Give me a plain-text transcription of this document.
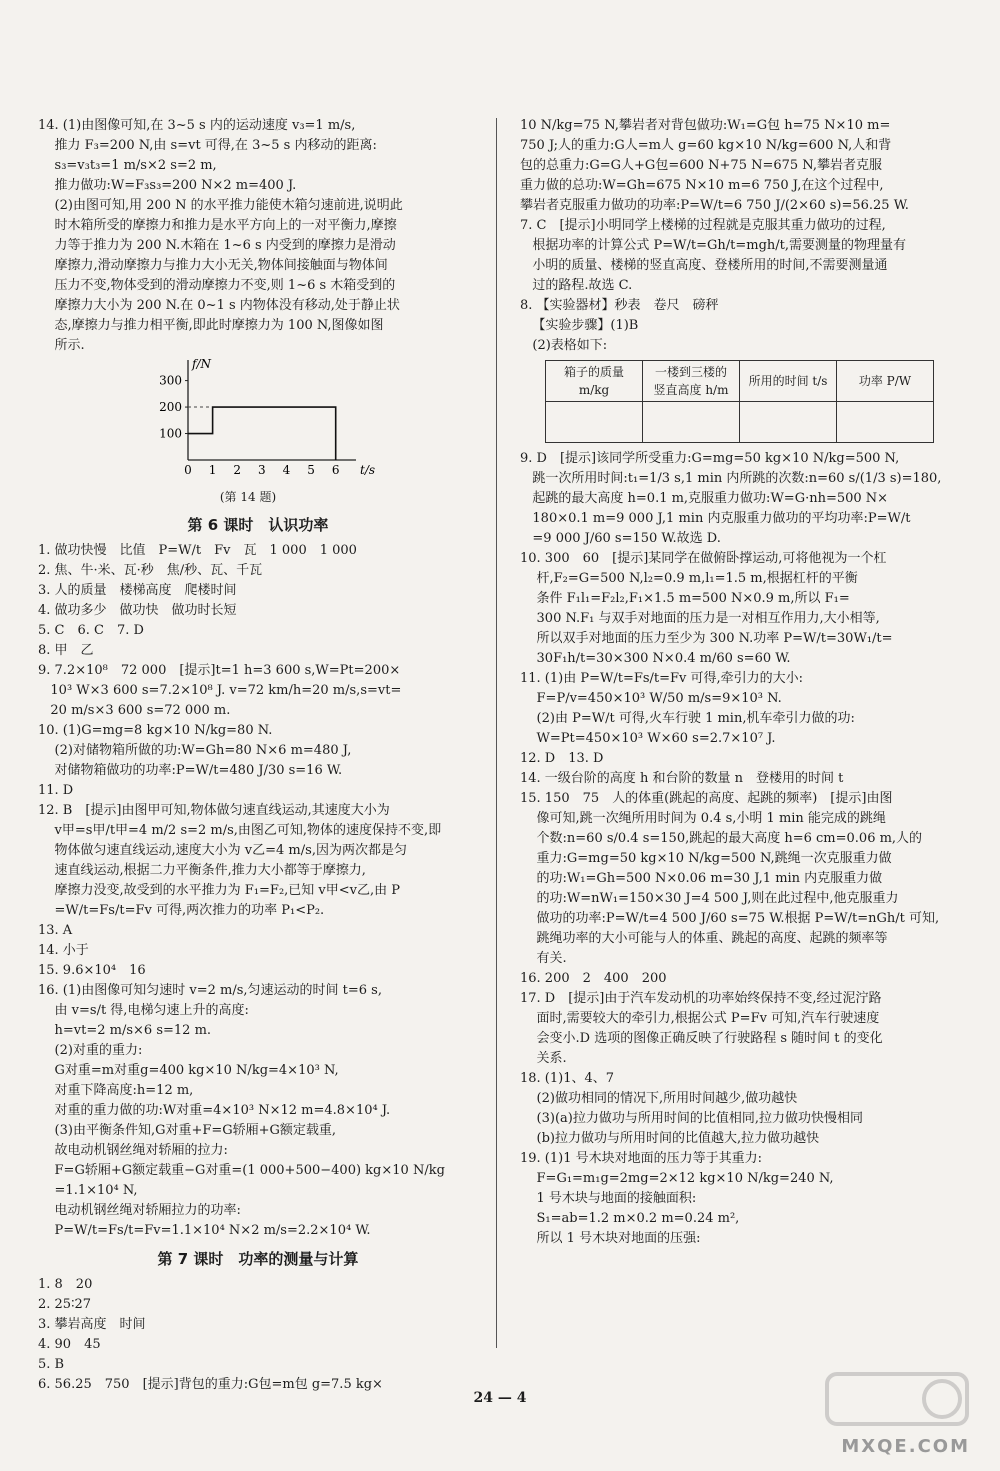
14. (1)由图像可知,在 3~5 s 内的运动速度 v₃=1 m/s,
推力 F₃=200 N,由 s=vt 可得,在 3~5 s 内移动的距离:
s₃=v₃t₃=1 m/s×2 s=2 m,
推力做功:W=F₃s₃=200 N×2 m=400 J.
(2)由图可知,用 200 N 的水平推力能使木箱匀速前进,说明此
时木箱所受的摩擦力和推力是水平方向上的一对平衡力,摩擦
力等于推力为 200 N.木箱在 1~6 s 内受到的摩擦力是滑动
摩擦力,滑动摩擦力与推力大小无关,物体间接触面与物体间
压力不变,物体受到的滑动摩擦力不变,则 1~6 s 木箱受到的
摩擦力大小为 200 N.在 0~1 s 内物体没有移动,处于静止状
态,摩擦力与推力相平衡,即此时摩擦力为 100 N,图像如图
所示.
0 1 2 3 4 5 6
100
200
300
t/s
f/N
(第 14 题)
第 6 课时　认识功率
1. 做功快慢　比值　P=W/t　Fv　瓦　1 000　1 000
2. 焦、牛·米、瓦·秒　焦/秒、瓦、千瓦
3. 人的质量　楼梯高度　爬楼时间
4. 做功多少　做功快　做功时长短
5. C　6. C　7. D
8. 甲　乙
9. 7.2×10⁸　72 000　[提示]t=1 h=3 600 s,W=Pt=200×
10³ W×3 600 s=7.2×10⁸ J. v=72 km/h=20 m/s,s=vt=
20 m/s×3 600 s=72 000 m.
10. (1)G=mg=8 kg×10 N/kg=80 N.
(2)对储物箱所做的功:W=Gh=80 N×6 m=480 J,
对储物箱做功的功率:P=W/t=480 J/30 s=16 W.
11. D
12. B　[提示]由图甲可知,物体做匀速直线运动,其速度大小为
v甲=s甲/t甲=4 m/2 s=2 m/s,由图乙可知,物体的速度保持不变,即
物体做匀速直线运动,速度大小为 v乙=4 m/s,因为两次都是匀
速直线运动,根据二力平衡条件,推力大小都等于摩擦力,
摩擦力没变,故受到的水平推力为 F₁=F₂,已知 v甲<v乙,由 P
=W/t=Fs/t=Fv 可得,两次推力的功率 P₁<P₂.
13. A
14. 小于
15. 9.6×10⁴　16
16. (1)由图像可知匀速时 v=2 m/s,匀速运动的时间 t=6 s,
由 v=s/t 得,电梯匀速上升的高度:
h=vt=2 m/s×6 s=12 m.
(2)对重的重力:
G对重=m对重g=400 kg×10 N/kg=4×10³ N,
对重下降高度:h=12 m,
对重的重力做的功:W对重=4×10³ N×12 m=4.8×10⁴ J.
(3)由平衡条件知,G对重+F=G轿厢+G额定载重,
故电动机钢丝绳对轿厢的拉力:
F=G轿厢+G额定载重−G对重=(1 000+500−400) kg×10 N/kg
=1.1×10⁴ N,
电动机钢丝绳对轿厢拉力的功率:
P=W/t=Fs/t=Fv=1.1×10⁴ N×2 m/s=2.2×10⁴ W.
第 7 课时　功率的测量与计算
1. 8　20
2. 25∶27
3. 攀岩高度　时间
4. 90　45
5. B
6. 56.25　750　[提示]背包的重力:G包=m包 g=7.5 kg×
10 N/kg=75 N,攀岩者对背包做功:W₁=G包 h=75 N×10 m=
750 J;人的重力:G人=m人 g=60 kg×10 N/kg=600 N,人和背
包的总重力:G=G人+G包=600 N+75 N=675 N,攀岩者克服
重力做的总功:W=Gh=675 N×10 m=6 750 J,在这个过程中,
攀岩者克服重力做功的功率:P=W/t=6 750 J/(2×60 s)=56.25 W.
7. C　[提示]小明同学上楼梯的过程就是克服其重力做功的过程,
根据功率的计算公式 P=W/t=Gh/t=mgh/t,需要测量的物理量有
小明的质量、楼梯的竖直高度、登楼所用的时间,不需要测量通
过的路程.故选 C.
8. 【实验器材】秒表　卷尺　磅秤
【实验步骤】(1)B
(2)表格如下:
箱子的质量 m/kg	一楼到三楼的竖直高度 h/m	所用的时间 t/s	功率 P/W

9. D　[提示]该同学所受重力:G=mg=50 kg×10 N/kg=500 N,
跳一次所用时间:t₁=1/3 s,1 min 内所跳的次数:n=60 s/(1/3 s)=180,
起跳的最大高度 h=0.1 m,克服重力做功:W=G·nh=500 N×
180×0.1 m=9 000 J,1 min 内克服重力做功的平均功率:P=W/t
=9 000 J/60 s=150 W.故选 D.
10. 300　60　[提示]某同学在做俯卧撑运动,可将他视为一个杠
杆,F₂=G=500 N,l₂=0.9 m,l₁=1.5 m,根据杠杆的平衡
条件 F₁l₁=F₂l₂,F₁×1.5 m=500 N×0.9 m,所以 F₁=
300 N.F₁ 与双手对地面的压力是一对相互作用力,大小相等,
所以双手对地面的压力至少为 300 N.功率 P=W/t=30W₁/t=
30F₁h/t=30×300 N×0.4 m/60 s=60 W.
11. (1)由 P=W/t=Fs/t=Fv 可得,牵引力的大小:
F=P/v=450×10³ W/50 m/s=9×10³ N.
(2)由 P=W/t 可得,火车行驶 1 min,机车牵引力做的功:
W=Pt=450×10³ W×60 s=2.7×10⁷ J.
12. D　13. D
14. 一级台阶的高度 h 和台阶的数量 n　登楼用的时间 t
15. 150　75　人的体重(跳起的高度、起跳的频率)　[提示]由图
像可知,跳一次绳所用时间为 0.4 s,小明 1 min 能完成的跳绳
个数:n=60 s/0.4 s=150,跳起的最大高度 h=6 cm=0.06 m,人的
重力:G=mg=50 kg×10 N/kg=500 N,跳绳一次克服重力做
的功:W₁=Gh=500 N×0.06 m=30 J,1 min 内克服重力做
的功:W=nW₁=150×30 J=4 500 J,则在此过程中,他克服重力
做功的功率:P=W/t=4 500 J/60 s=75 W.根据 P=W/t=nGh/t 可知,
跳绳功率的大小可能与人的体重、跳起的高度、起跳的频率等
有关.
16. 200　2　400　200
17. D　[提示]由于汽车发动机的功率始终保持不变,经过泥泞路
面时,需要较大的牵引力,根据公式 P=Fv 可知,汽车行驶速度
会变小.D 选项的图像正确反映了行驶路程 s 随时间 t 的变化
关系.
18. (1)1、4、7
(2)做功相同的情况下,所用时间越少,做功越快
(3)(a)拉力做功与所用时间的比值相同,拉力做功快慢相同
(b)拉力做功与所用时间的比值越大,拉力做功越快
19. (1)1 号木块对地面的压力等于其重力:
F=G₁=m₁g=2mg=2×12 kg×10 N/kg=240 N,
1 号木块与地面的接触面积:
S₁=ab=1.2 m×0.2 m=0.24 m²,
所以 1 号木块对地面的压强:
24 — 4
MXQE.COM
